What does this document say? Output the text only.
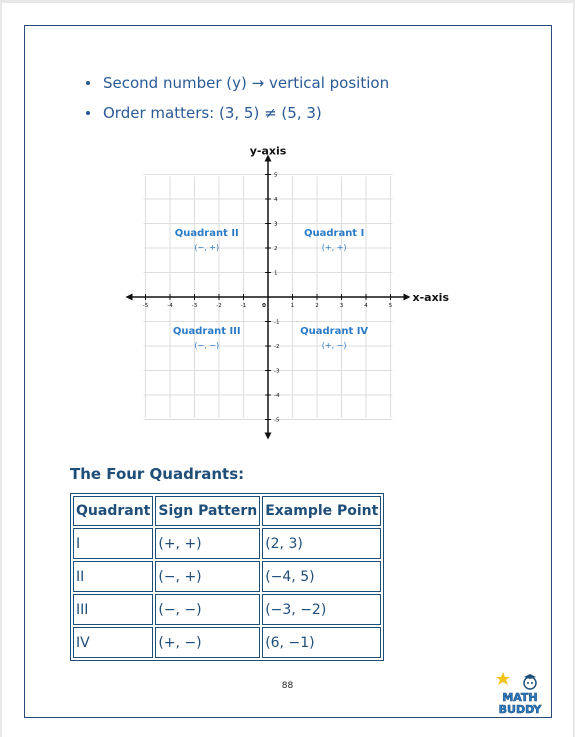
Second number (y) → vertical position
Order matters: (3, 5) ≠ (5, 3)
-5	-4	-3	-2	-1	0	1	2	3	4	5
-5
-4
-3
-2
-1
1
2
3
4
5
y-axis
x-axis
Quadrant II
(−, +)
Quadrant I
(+, +)
Quadrant III
(−, −)
Quadrant IV
(+, −)
The Four Quadrants:
Quadrant	Sign Pattern	Example Point
I	(+, +)	(2, 3)
II	(−, +)	(−4, 5)
III	(−, −)	(−3, −2)
IV	(+, −)	(6, −1)
88
MATH
BUDDY
